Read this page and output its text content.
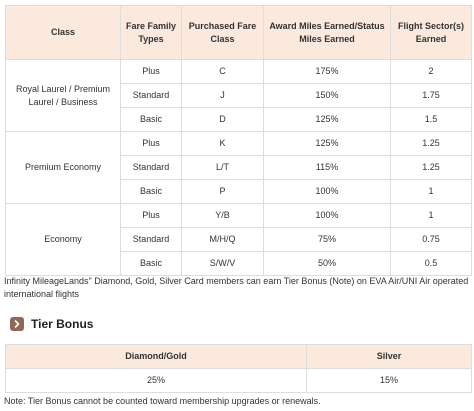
Class	Fare Family Types	Purchased Fare Class	Award Miles Earned/Status Miles Earned	Flight Sector(s) Earned
Royal Laurel / Premium Laurel / Business	Plus	C	175%	2
	Standard	J	150%	1.75
	Basic	D	125%	1.5
Premium Economy	Plus	K	125%	1.25
	Standard	L/T	115%	1.25
	Basic	P	100%	1
Economy	Plus	Y/B	100%	1
	Standard	M/H/Q	75%	0.75
	Basic	S/W/V	50%	0.5

Infinity MileageLands" Diamond, Gold, Silver Card members can earn Tier Bonus (Note) on EVA Air/UNI Air operated international flights

Tier Bonus
Diamond/Gold	Silver
25%	15%

Note: Tier Bonus cannot be counted toward membership upgrades or renewals.
